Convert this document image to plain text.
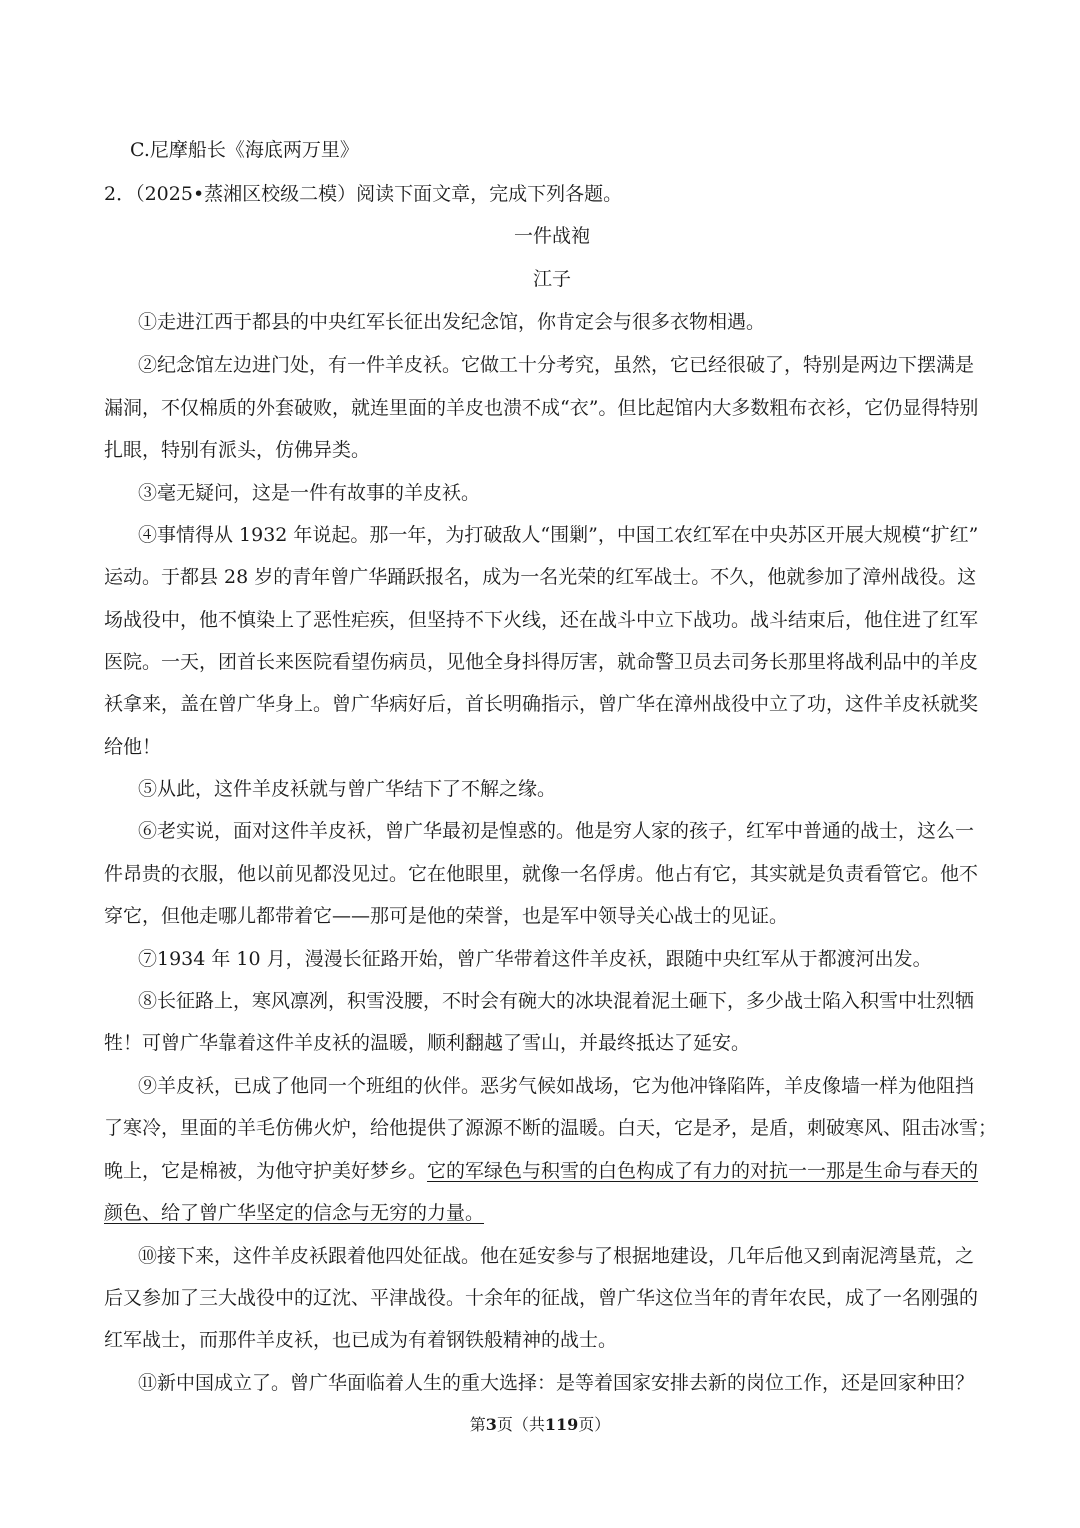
C.尼摩船长《海底两万里》
2．（2025•蒸湘区校级二模）阅读下面文章，完成下列各题。
一件战袍
江子
①走进江西于都县的中央红军长征出发纪念馆，你肯定会与很多衣物相遇。
②纪念馆左边进门处，有一件羊皮袄。它做工十分考究，虽然，它已经很破了，特别是两边下摆满是
漏洞，不仅棉质的外套破败，就连里面的羊皮也溃不成“衣”。但比起馆内大多数粗布衣衫，它仍显得特别
扎眼，特别有派头，仿佛异类。
③毫无疑问，这是一件有故事的羊皮袄。
④事情得从 1932 年说起。那一年，为打破敌人“围剿”，中国工农红军在中央苏区开展大规模“扩红”
运动。于都县 28 岁的青年曾广华踊跃报名，成为一名光荣的红军战士。不久，他就参加了漳州战役。这
场战役中，他不慎染上了恶性疟疾，但坚持不下火线，还在战斗中立下战功。战斗结束后，他住进了红军
医院。一天，团首长来医院看望伤病员，见他全身抖得厉害，就命警卫员去司务长那里将战利品中的羊皮
袄拿来，盖在曾广华身上。曾广华病好后，首长明确指示，曾广华在漳州战役中立了功，这件羊皮袄就奖
给他！
⑤从此，这件羊皮袄就与曾广华结下了不解之缘。
⑥老实说，面对这件羊皮袄，曾广华最初是惶惑的。他是穷人家的孩子，红军中普通的战士，这么一
件昂贵的衣服，他以前见都没见过。它在他眼里，就像一名俘虏。他占有它，其实就是负责看管它。他不
穿它，但他走哪儿都带着它——那可是他的荣誉，也是军中领导关心战士的见证。
⑦1934 年 10 月，漫漫长征路开始，曾广华带着这件羊皮袄，跟随中央红军从于都渡河出发。
⑧长征路上，寒风凛冽，积雪没腰，不时会有碗大的冰块混着泥土砸下，多少战士陷入积雪中壮烈牺
牲！可曾广华靠着这件羊皮袄的温暖，顺利翻越了雪山，并最终抵达了延安。
⑨羊皮袄，已成了他同一个班组的伙伴。恶劣气候如战场，它为他冲锋陷阵，羊皮像墙一样为他阻挡
了寒冷，里面的羊毛仿佛火炉，给他提供了源源不断的温暖。白天，它是矛，是盾，刺破寒风、阻击冰雪；
晚上，它是棉被，为他守护美好梦乡。它的军绿色与积雪的白色构成了有力的对抗一一那是生命与春天的
颜色、给了曾广华坚定的信念与无穷的力量。
⑩接下来，这件羊皮袄跟着他四处征战。他在延安参与了根据地建设，几年后他又到南泥湾垦荒，之
后又参加了三大战役中的辽沈、平津战役。十余年的征战，曾广华这位当年的青年农民，成了一名刚强的
红军战士，而那件羊皮袄，也已成为有着钢铁般精神的战士。
⑪新中国成立了。曾广华面临着人生的重大选择：是等着国家安排去新的岗位工作，还是回家种田？
第3页（共119页）
